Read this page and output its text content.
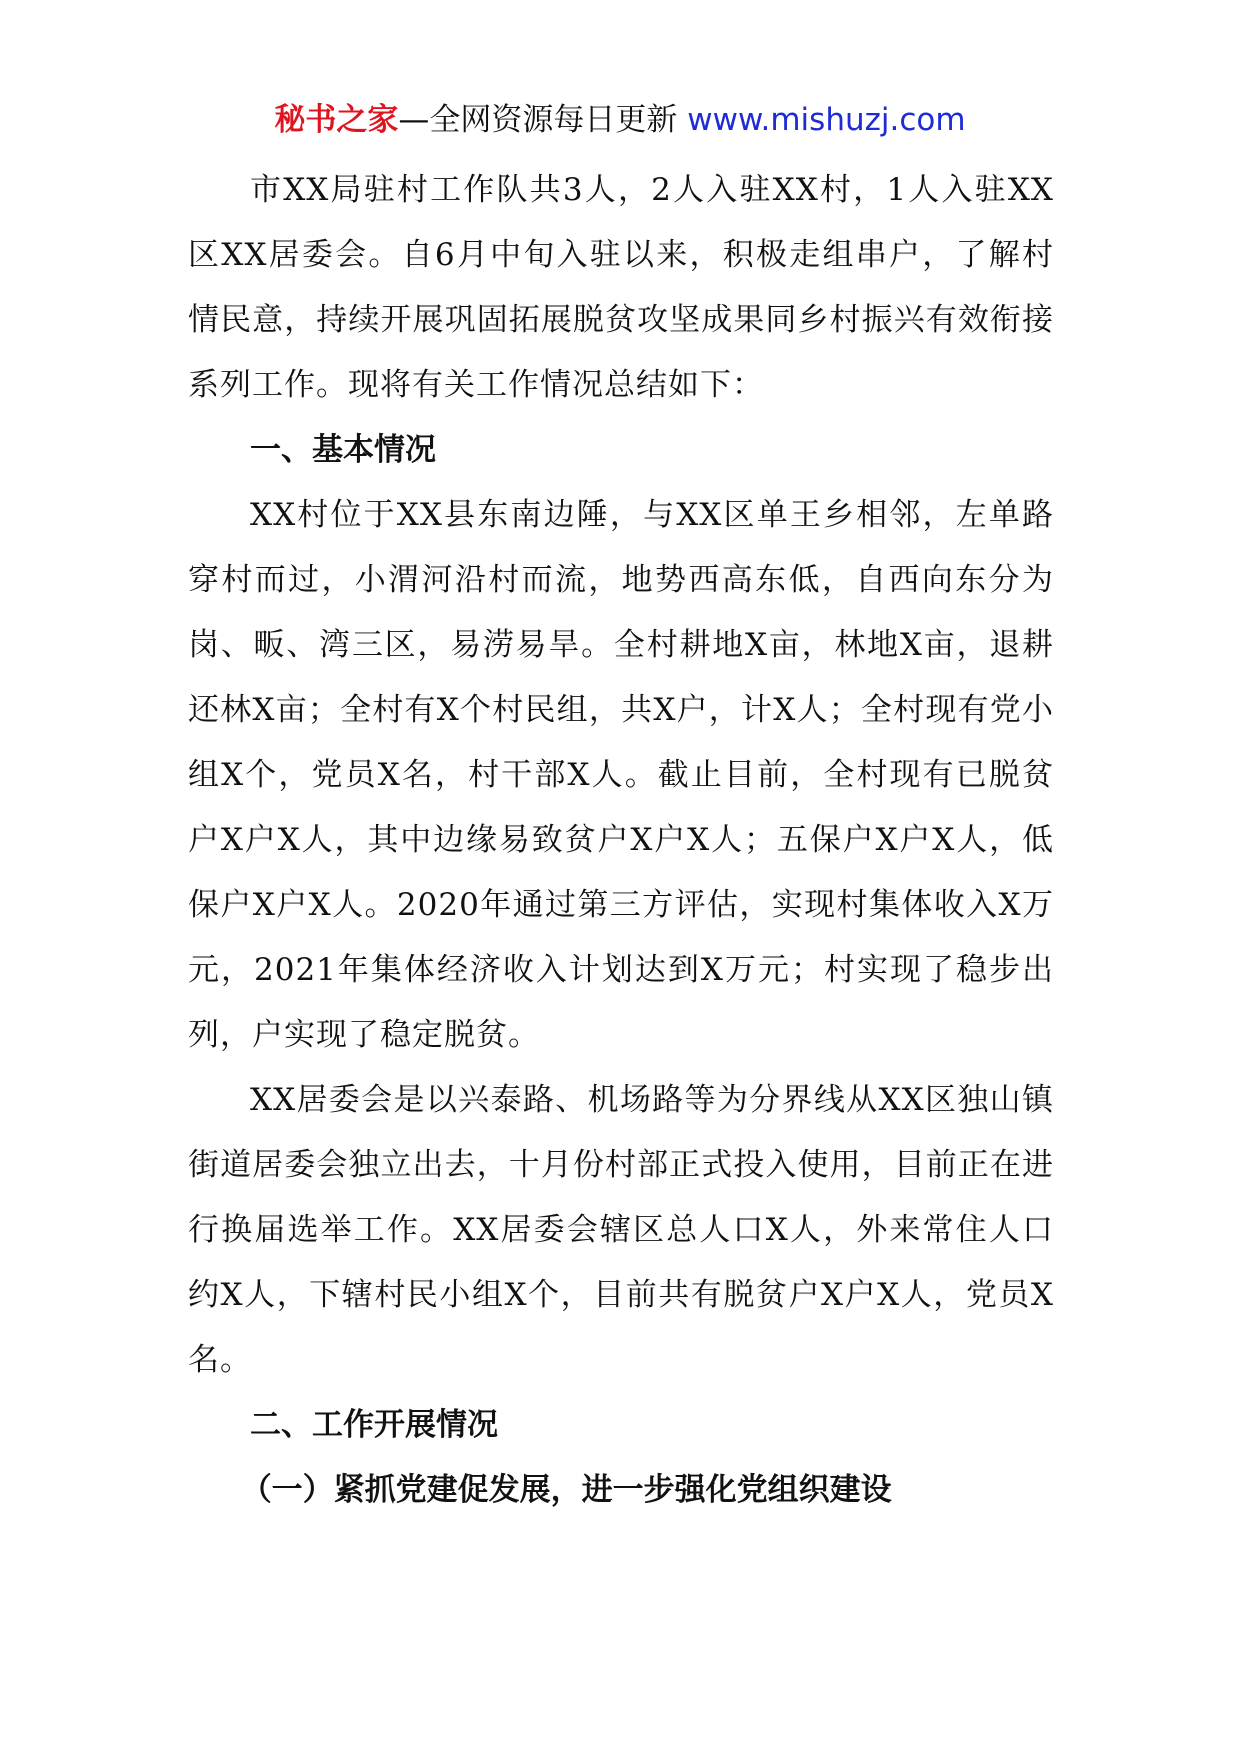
秘书之家—全网资源每日更新 www.mishuzj.com

市XX局驻村工作队共3人，2人入驻XX村，1人入驻XX区XX居委会。自6月中旬入驻以来，积极走组串户，了解村情民意，持续开展巩固拓展脱贫攻坚成果同乡村振兴有效衔接系列工作。现将有关工作情况总结如下：

一、基本情况

XX村位于XX县东南边陲，与XX区单王乡相邻，左单路穿村而过，小渭河沿村而流，地势西高东低，自西向东分为岗、畈、湾三区，易涝易旱。全村耕地X亩，林地X亩，退耕还林X亩；全村有X个村民组，共X户，计X人；全村现有党小组X个，党员X名，村干部X人。截止目前，全村现有已脱贫户X户X人，其中边缘易致贫户X户X人；五保户X户X人，低保户X户X人。2020年通过第三方评估，实现村集体收入X万元，2021年集体经济收入计划达到X万元；村实现了稳步出列，户实现了稳定脱贫。

XX居委会是以兴泰路、机场路等为分界线从XX区独山镇街道居委会独立出去，十月份村部正式投入使用，目前正在进行换届选举工作。XX居委会辖区总人口X人，外来常住人口约X人，下辖村民小组X个，目前共有脱贫户X户X人，党员X名。

二、工作开展情况

（一）紧抓党建促发展，进一步强化党组织建设
